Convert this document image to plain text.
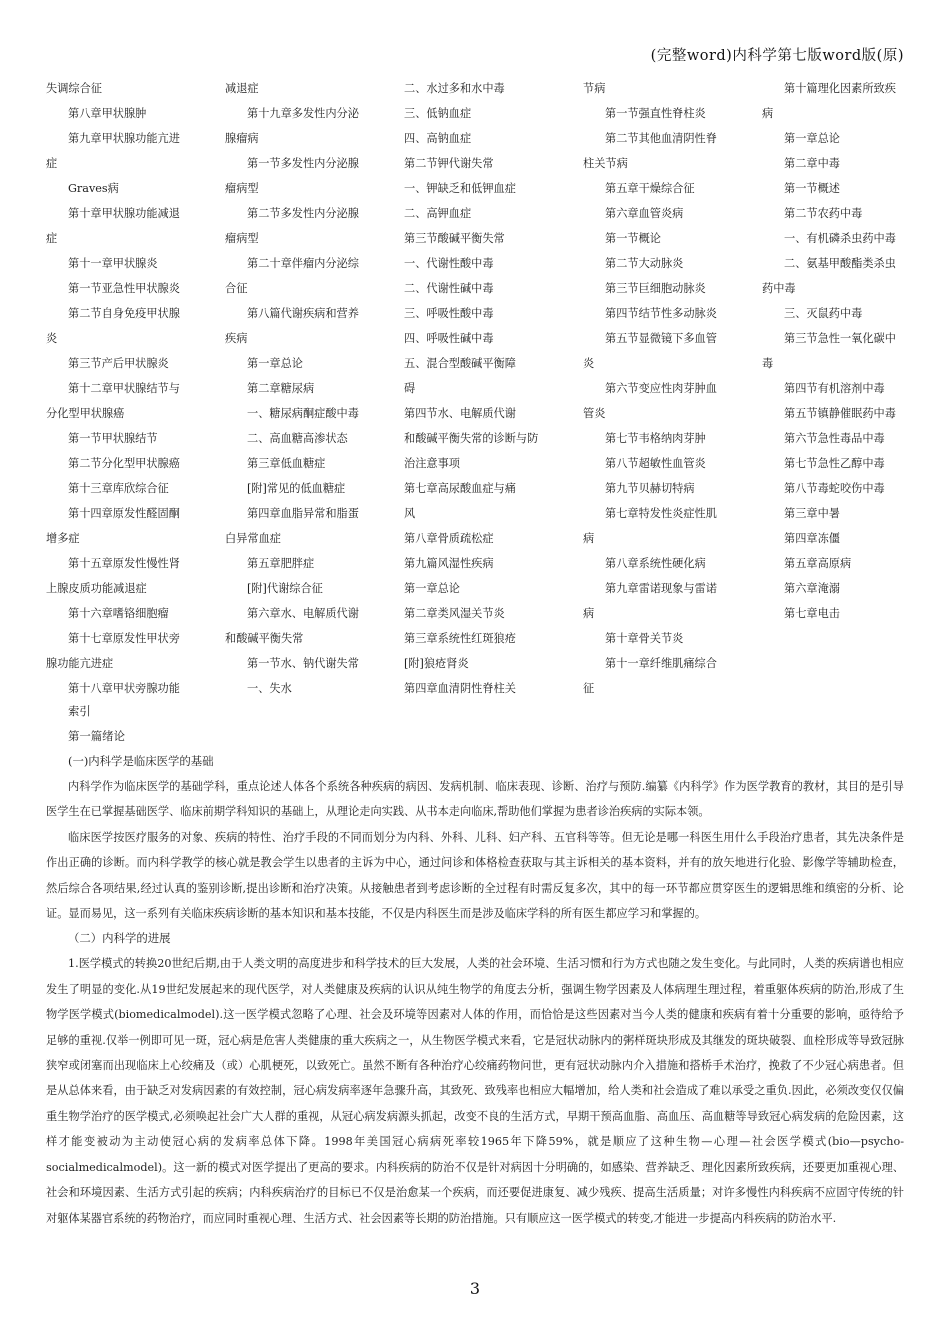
(完整word)内科学第七版word版(原)
失调综合征
第八章甲状腺肿
第九章甲状腺功能亢进
症
Graves病
第十章甲状腺功能减退
症
第十一章甲状腺炎
第一节亚急性甲状腺炎
第二节自身免疫甲状腺
炎
第三节产后甲状腺炎
第十二章甲状腺结节与
分化型甲状腺癌
第一节甲状腺结节
第二节分化型甲状腺癌
第十三章库欣综合征
第十四章原发性醛固酮
增多症
第十五章原发性慢性肾
上腺皮质功能减退症
第十六章嗜铬细胞瘤
第十七章原发性甲状旁
腺功能亢进症
第十八章甲状旁腺功能
减退症
第十九章多发性内分泌
腺瘤病
第一节多发性内分泌腺
瘤病型
第二节多发性内分泌腺
瘤病型
第二十章伴瘤内分泌综
合征
第八篇代谢疾病和营养
疾病
第一章总论
第二章糖尿病
一、糖尿病酮症酸中毒
二、高血糖高渗状态
第三章低血糖症
[附]常见的低血糖症
第四章血脂异常和脂蛋
白异常血症
第五章肥胖症
[附]代谢综合征
第六章水、电解质代谢
和酸碱平衡失常
第一节水、钠代谢失常
一、失水
二、水过多和水中毒
三、低钠血症
四、高钠血症
第二节钾代谢失常
一、钾缺乏和低钾血症
二、高钾血症
第三节酸碱平衡失常
一、代谢性酸中毒
二、代谢性碱中毒
三、呼吸性酸中毒
四、呼吸性碱中毒
五、混合型酸碱平衡障
碍
第四节水、电解质代谢
和酸碱平衡失常的诊断与防
治注意事项
第七章高尿酸血症与痛
风
第八章骨质疏松症
第九篇风湿性疾病
第一章总论
第二章类风湿关节炎
第三章系统性红斑狼疮
[附]狼疮肾炎
第四章血清阴性脊柱关
节病
第一节强直性脊柱炎
第二节其他血清阴性脊
柱关节病
第五章干燥综合征
第六章血管炎病
第一节概论
第二节大动脉炎
第三节巨细胞动脉炎
第四节结节性多动脉炎
第五节显微镜下多血管
炎
第六节变应性肉芽肿血
管炎
第七节韦格纳肉芽肿
第八节超敏性血管炎
第九节贝赫切特病
第七章特发性炎症性肌
病
第八章系统性硬化病
第九章雷诺现象与雷诺
病
第十章骨关节炎
第十一章纤维肌痛综合
征
第十篇理化因素所致疾
病
第一章总论
第二章中毒
第一节概述
第二节农药中毒
一、有机磷杀虫药中毒
二、氨基甲酸酯类杀虫
药中毒
三、灭鼠药中毒
第三节急性一氧化碳中
毒
第四节有机溶剂中毒
第五节镇静催眠药中毒
第六节急性毒品中毒
第七节急性乙醇中毒
第八节毒蛇咬伤中毒
第三章中暑
第四章冻僵
第五章高原病
第六章淹溺
第七章电击
索引
第一篇绪论
(一)内科学是临床医学的基础

内科学作为临床医学的基础学科，重点论述人体各个系统各种疾病的病因、发病机制、临床表现、诊断、治疗与预防.编纂《内科学》作为医学教育的教材，其目的是引导医学生在已掌握基础医学、临床前期学科知识的基础上，从理论走向实践、从书本走向临床,帮助他们掌握为患者诊治疾病的实际本领。

临床医学按医疗服务的对象、疾病的特性、治疗手段的不同而划分为内科、外科、儿科、妇产科、五官科等等。但无论是哪一科医生用什么手段治疗患者，其先决条件是作出正确的诊断。而内科学教学的核心就是教会学生以患者的主诉为中心，通过问诊和体格检查获取与其主诉相关的基本资料，并有的放矢地进行化验、影像学等辅助检查，然后综合各项结果,经过认真的鉴别诊断,提出诊断和治疗决策。从接触患者到考虑诊断的全过程有时需反复多次，其中的每一环节都应贯穿医生的逻辑思维和缜密的分析、论证。显而易见，这一系列有关临床疾病诊断的基本知识和基本技能，不仅是内科医生而是涉及临床学科的所有医生都应学习和掌握的。

（二）内科学的进展

1.医学模式的转换20世纪后期,由于人类文明的高度进步和科学技术的巨大发展，人类的社会环境、生活习惯和行为方式也随之发生变化。与此同时，人类的疾病谱也相应发生了明显的变化.从19世纪发展起来的现代医学，对人类健康及疾病的认识从纯生物学的角度去分析，强调生物学因素及人体病理生理过程，着重躯体疾病的防治,形成了生物学医学模式(biomedicalmodel).这一医学模式忽略了心理、社会及环境等因素对人体的作用，而恰恰是这些因素对当今人类的健康和疾病有着十分重要的影响，亟待给予足够的重视.仅举一例即可见一斑，冠心病是危害人类健康的重大疾病之一，从生物医学模式来看，它是冠状动脉内的粥样斑块形成及其继发的斑块破裂、血栓形成等导致冠脉狭窄或闭塞而出现临床上心绞痛及（或）心肌梗死，以致死亡。虽然不断有各种治疗心绞痛药物问世，更有冠状动脉内介入措施和搭桥手术治疗，挽救了不少冠心病患者。但是从总体来看，由于缺乏对发病因素的有效控制，冠心病发病率逐年急骤升高，其致死、致残率也相应大幅增加，给人类和社会造成了难以承受之重负.因此，必须改变仅仅偏重生物学治疗的医学模式,必须唤起社会广大人群的重视，从冠心病发病源头抓起，改变不良的生活方式，早期干预高血脂、高血压、高血糖等导致冠心病发病的危险因素，这样才能变被动为主动使冠心病的发病率总体下降。1998年美国冠心病病死率较1965年下降59%，就是顺应了这种生物—心理—社会医学模式(bio—psycho-socialmedicalmodel)。这一新的模式对医学提出了更高的要求。内科疾病的防治不仅是针对病因十分明确的，如感染、营养缺乏、理化因素所致疾病，还要更加重视心理、社会和环境因素、生活方式引起的疾病；内科疾病治疗的目标已不仅是治愈某一个疾病，而还要促进康复、减少残疾、提高生活质量；对许多慢性内科疾病不应固守传统的针对躯体某器官系统的药物治疗，而应同时重视心理、生活方式、社会因素等长期的防治措施。只有顺应这一医学模式的转变,才能进一步提高内科疾病的防治水平.

3
